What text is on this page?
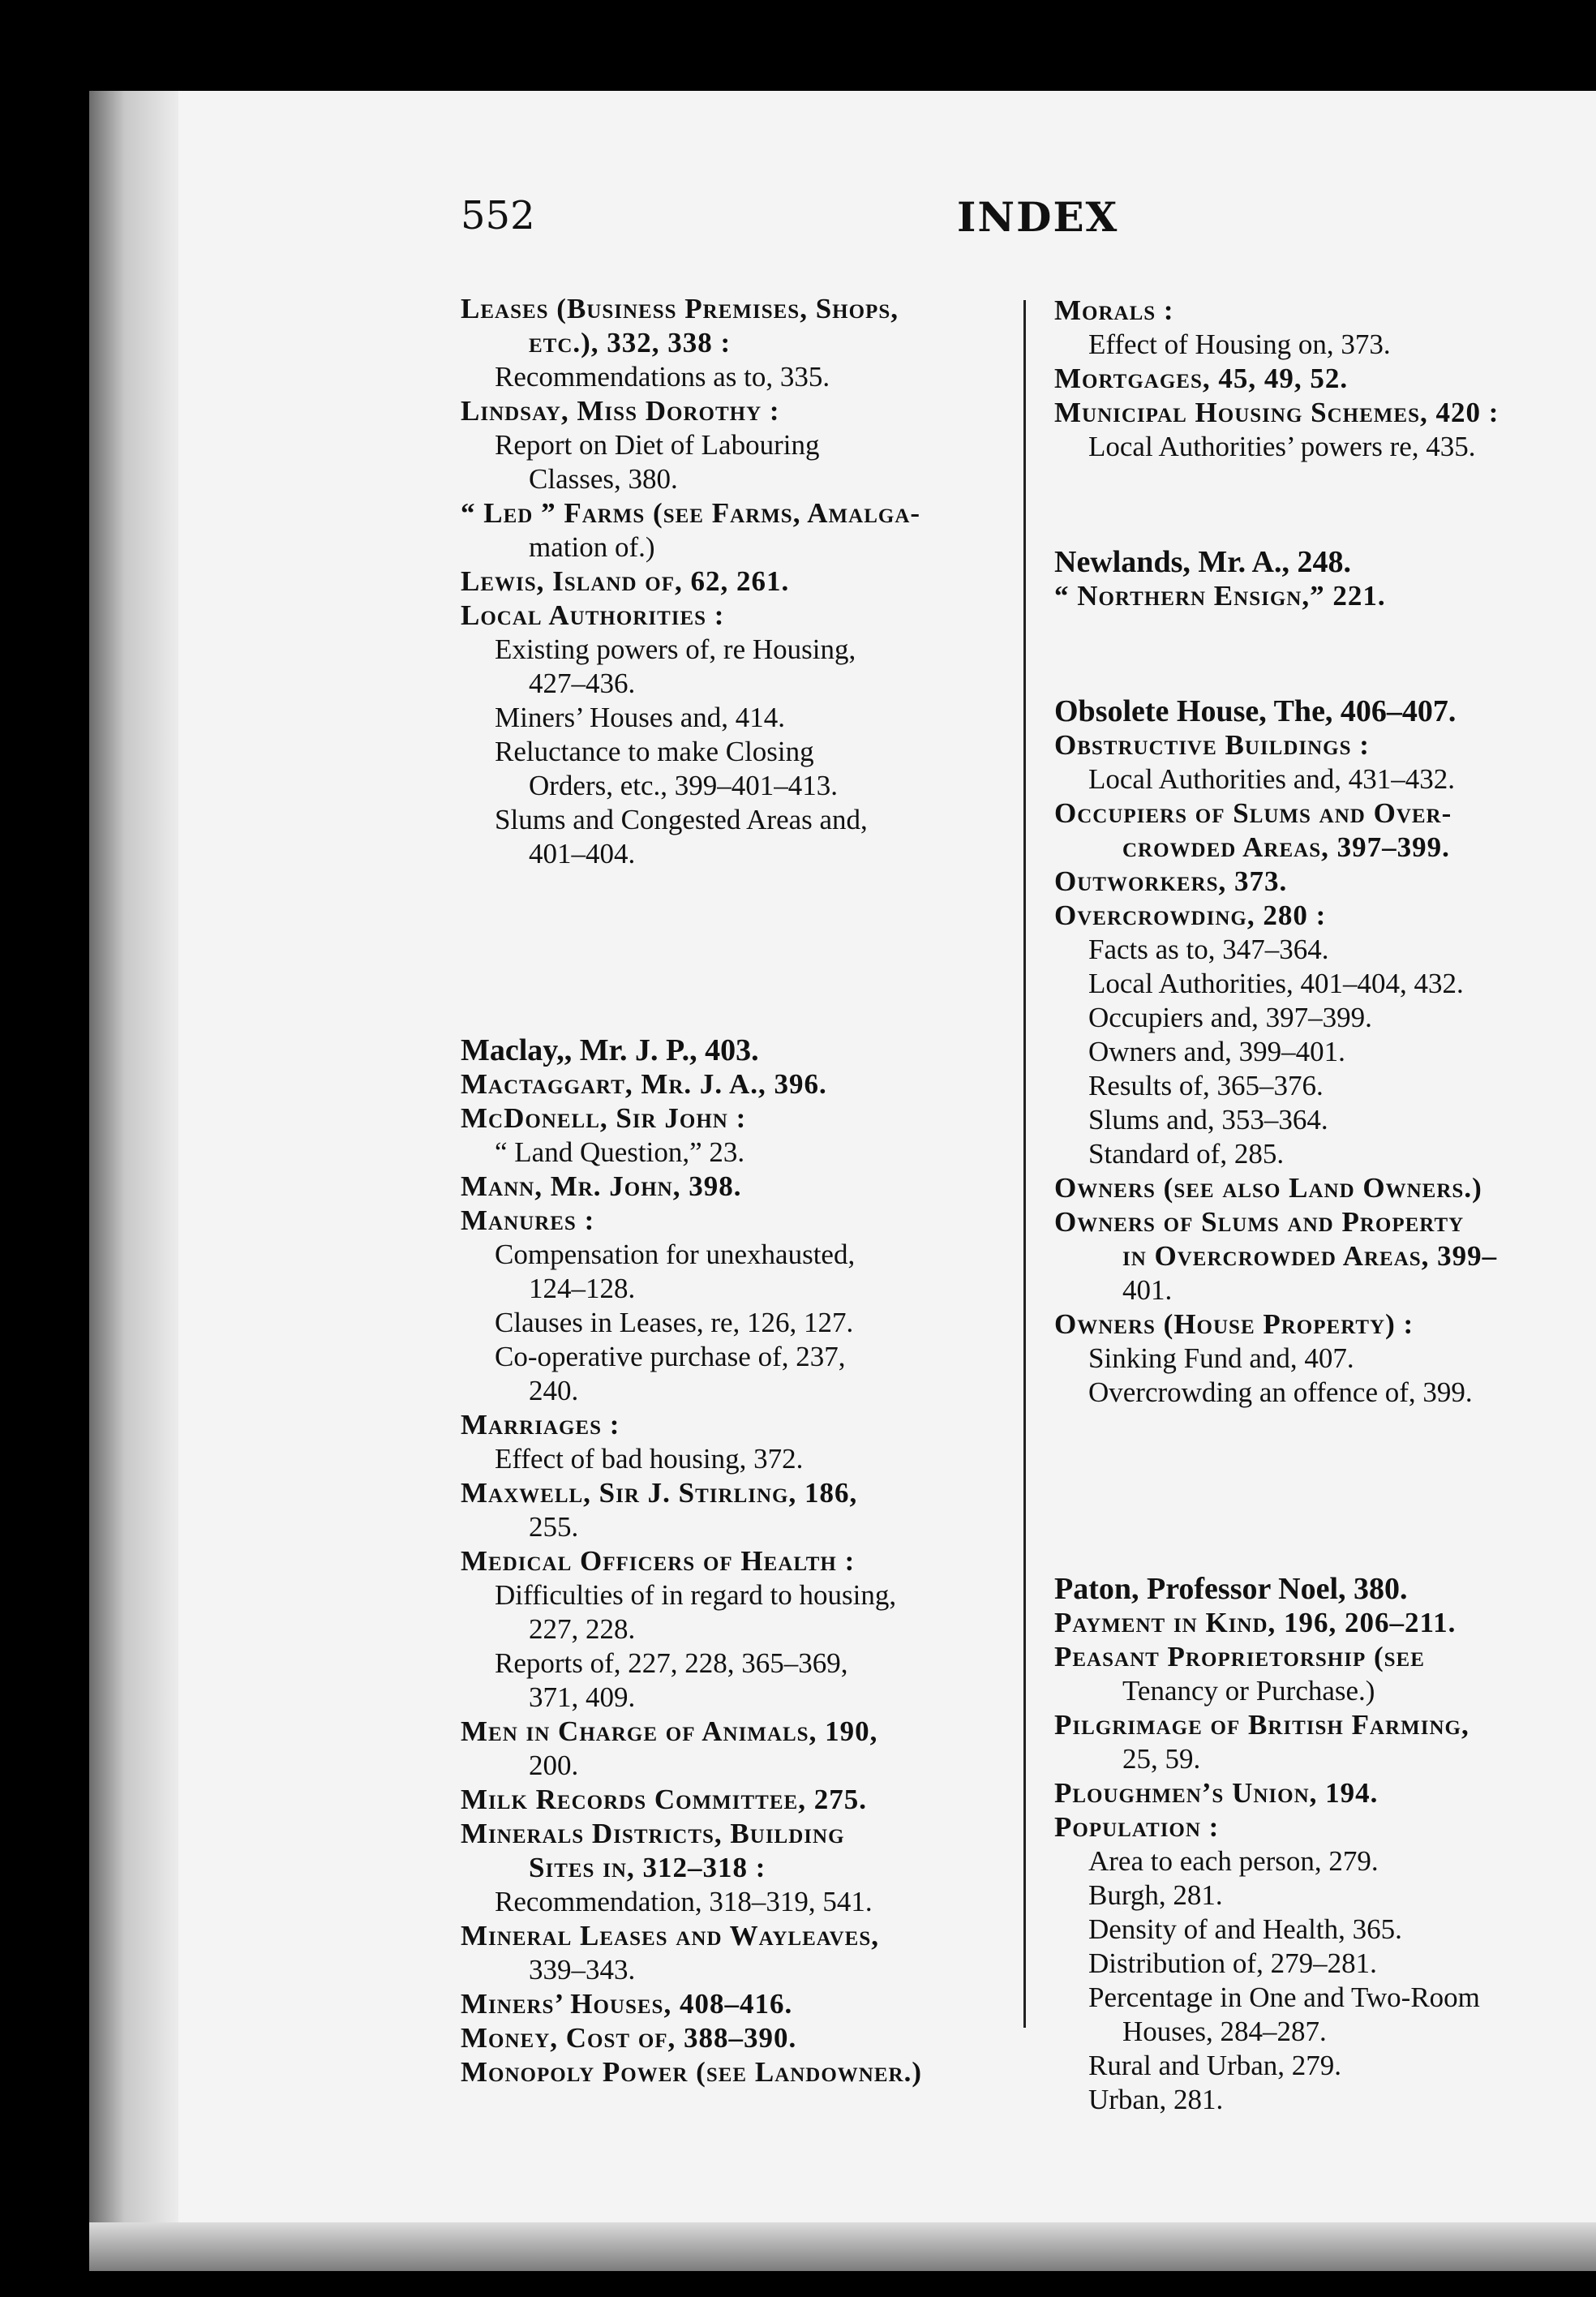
552	INDEX
Leases (Business Premises, Shops,
etc.), 332, 338 :
Recommendations as to, 335.
Lindsay, Miss Dorothy :
Report on Diet of Labouring
Classes, 380.
“ Led ” Farms (see Farms, Amalga-
mation of.)
Lewis, Island of, 62, 261.
Local Authorities :
Existing powers of, re Housing,
427–436.
Miners’ Houses and, 414.
Reluctance to make Closing
Orders, etc., 399–401–413.
Slums and Congested Areas and,
401–404.
Maclay,, Mr. J. P., 403.
Mactaggart, Mr. J. A., 396.
McDonell, Sir John :
“ Land Question,” 23.
Mann, Mr. John, 398.
Manures :
Compensation for unexhausted,
124–128.
Clauses in Leases, re, 126, 127.
Co-operative purchase of, 237,
240.
Marriages :
Effect of bad housing, 372.
Maxwell, Sir J. Stirling, 186,
255.
Medical Officers of Health :
Difficulties of in regard to housing,
227, 228.
Reports of, 227, 228, 365–369,
371, 409.
Men in Charge of Animals, 190,
200.
Milk Records Committee, 275.
Minerals Districts, Building
Sites in, 312–318 :
Recommendation, 318–319, 541.
Mineral Leases and Wayleaves,
339–343.
Miners’ Houses, 408–416.
Money, Cost of, 388–390.
Monopoly Power (see Landowner.)
Morals :
Effect of Housing on, 373.
Mortgages, 45, 49, 52.
Municipal Housing Schemes, 420 :
Local Authorities’ powers re, 435.
Newlands, Mr. A., 248.
“ Northern Ensign,” 221.
Obsolete House, The, 406–407.
Obstructive Buildings :
Local Authorities and, 431–432.
Occupiers of Slums and Over-
crowded Areas, 397–399.
Outworkers, 373.
Overcrowding, 280 :
Facts as to, 347–364.
Local Authorities, 401–404, 432.
Occupiers and, 397–399.
Owners and, 399–401.
Results of, 365–376.
Slums and, 353–364.
Standard of, 285.
Owners (see also Land Owners.)
Owners of Slums and Property
in Overcrowded Areas, 399–
401.
Owners (House Property) :
Sinking Fund and, 407.
Overcrowding an offence of, 399.
Paton, Professor Noel, 380.
Payment in Kind, 196, 206–211.
Peasant Proprietorship (see
Tenancy or Purchase.)
Pilgrimage of British Farming,
25, 59.
Ploughmen’s Union, 194.
Population :
Area to each person, 279.
Burgh, 281.
Density of and Health, 365.
Distribution of, 279–281.
Percentage in One and Two-Room
Houses, 284–287.
Rural and Urban, 279.
Urban, 281.
